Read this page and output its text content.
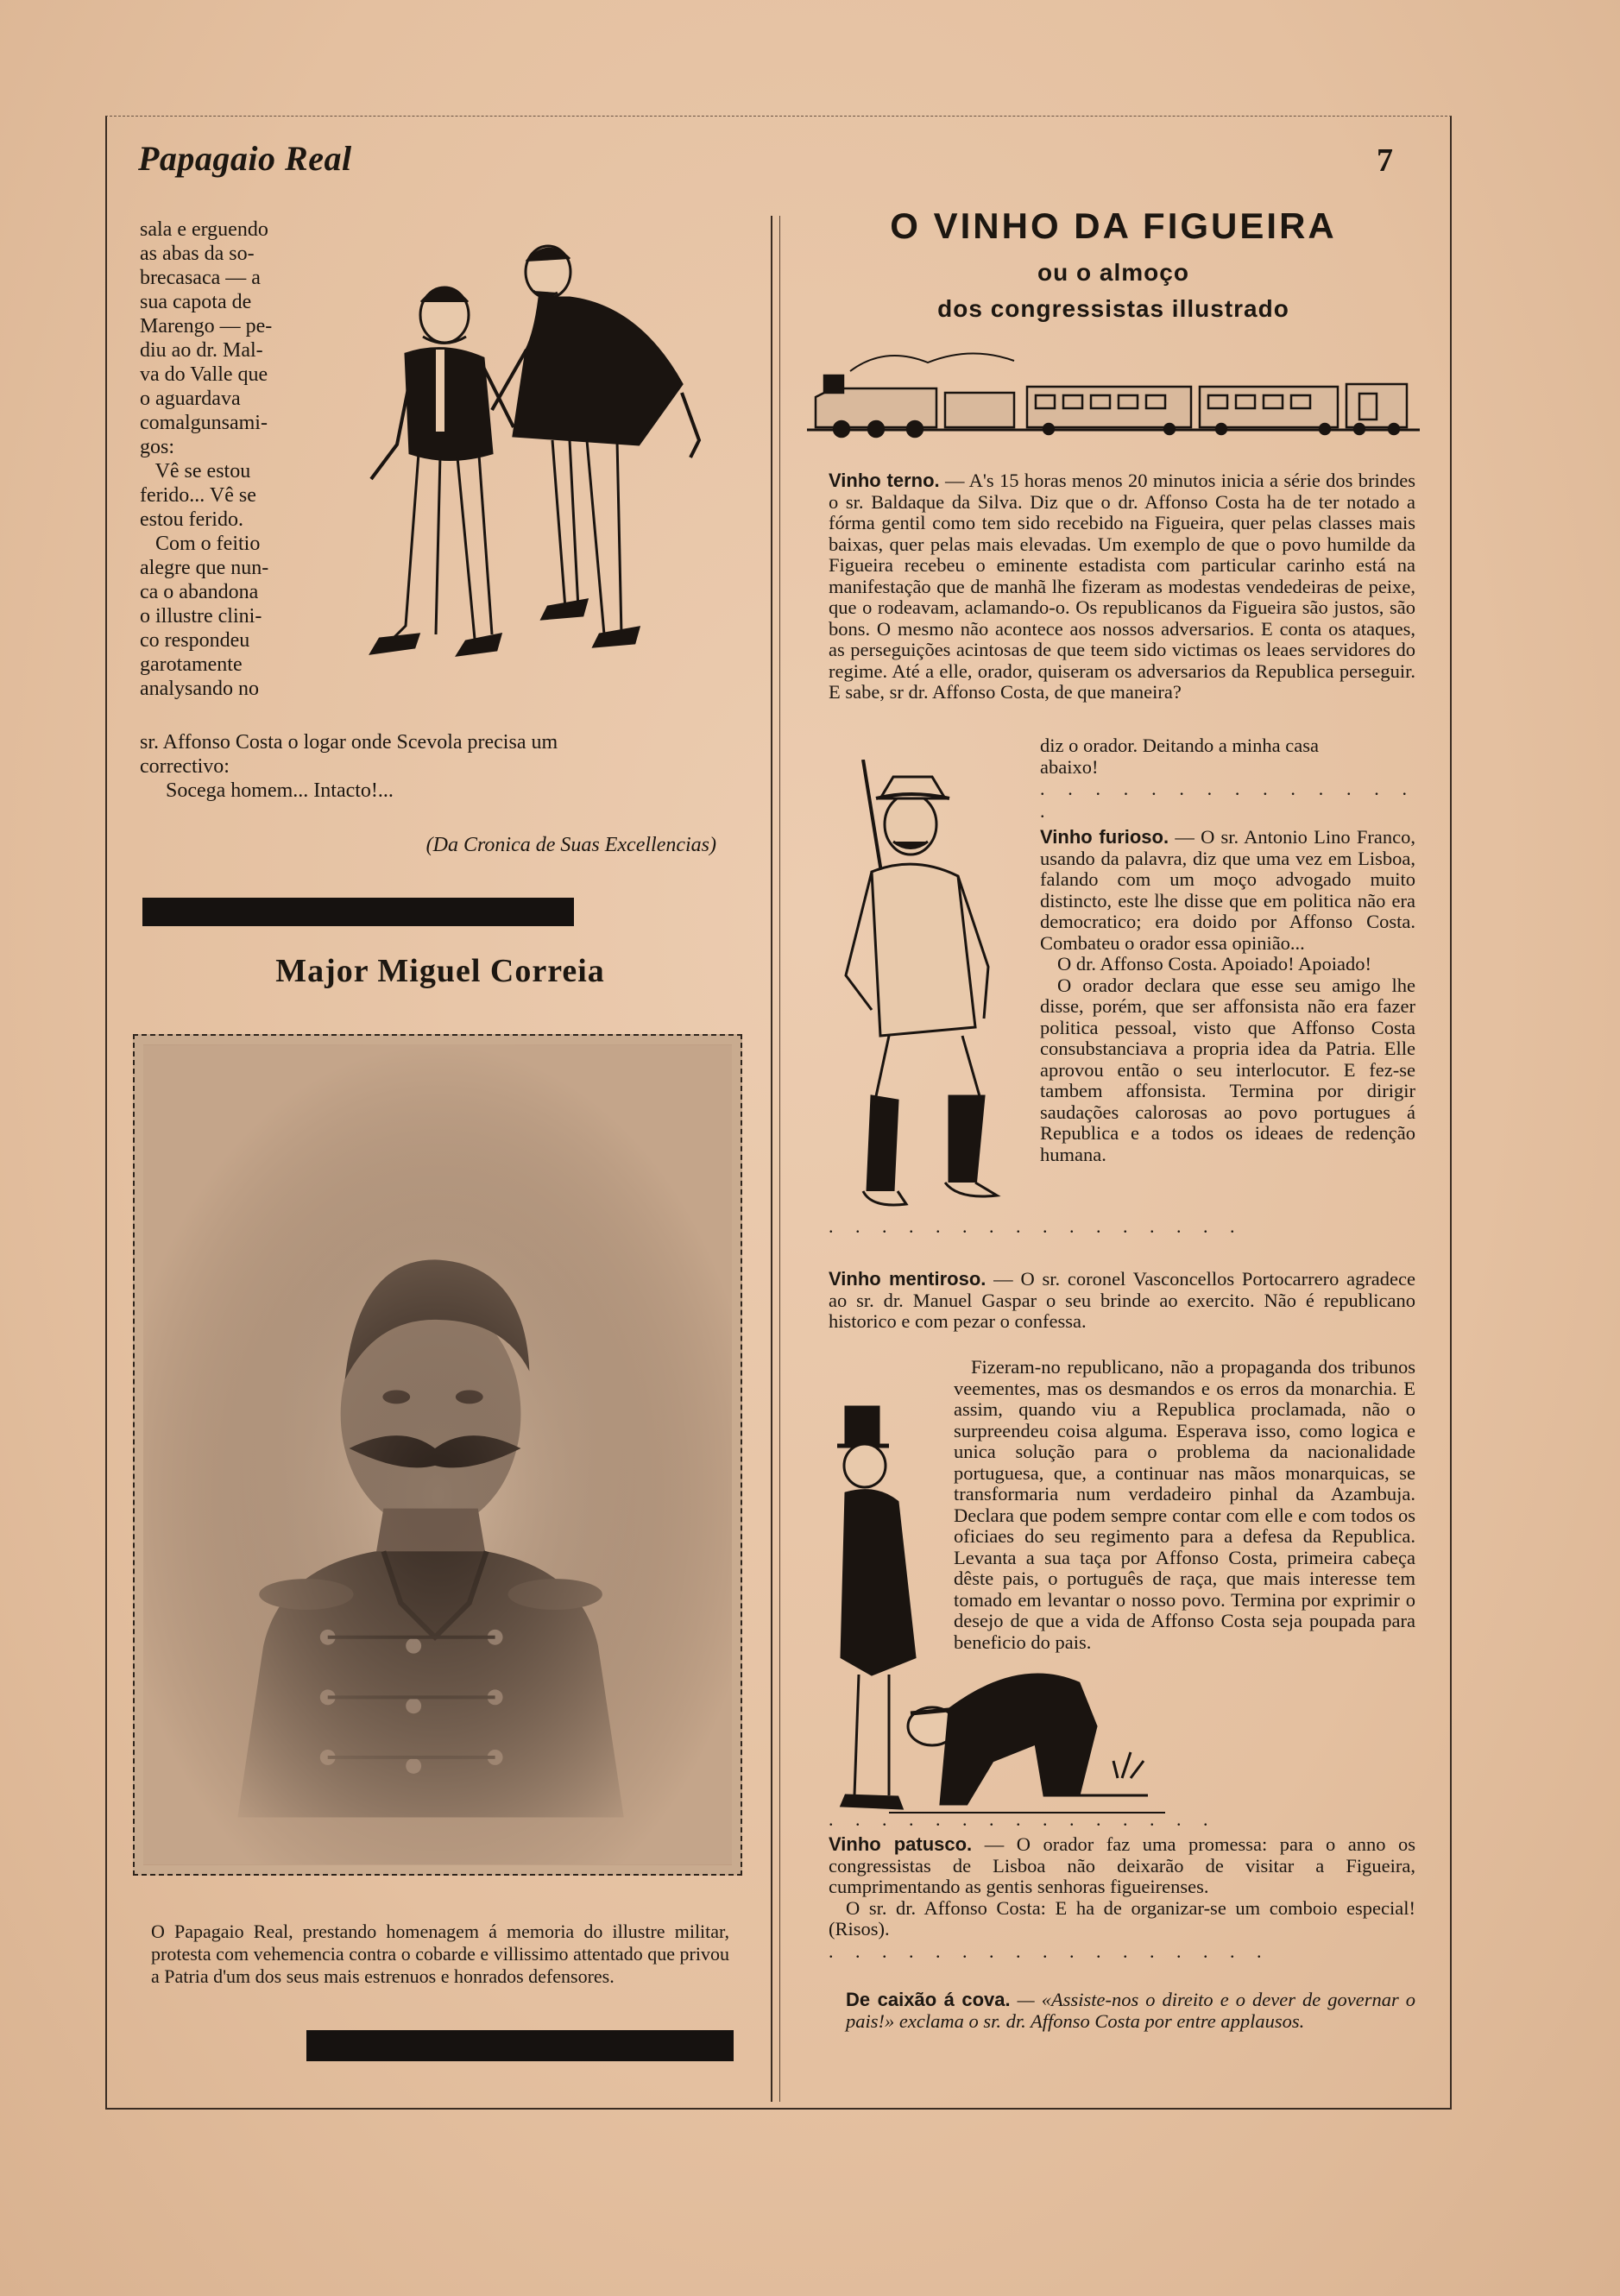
Papagaio Real	7
sala e erguendo
as abas da so-
brecasaca — a
sua capota de
Marengo — pe-
diu ao dr. Mal-
va do Valle que
o aguardava
comalgunsami-
gos:
Vê se estou
ferido... Vê se
estou ferido.
Com o feitio
alegre que nun-
ca o abandona
o illustre clini-
co respondeu
garotamente
analysando no
sr. Affonso Costa o logar onde Scevola precisa um
correctivo:
Socega homem... Intacto!...
(Da Cronica de Suas Excellencias)
Major Miguel Correia
O Papagaio Real, prestando homenagem á memoria do illustre militar, protesta com vehemencia contra o cobarde e villissimo attentado que privou a Patria d'um dos seus mais estrenuos e honrados defensores.
O VINHO DA FIGUEIRA
ou o almoço
dos congressistas illustrado
Vinho terno. — A's 15 horas menos 20 minutos inicia a série dos brindes o sr. Baldaque da Silva. Diz que o dr. Affonso Costa ha de ter notado a fórma gentil como tem sido recebido na Figueira, quer pelas classes mais baixas, quer pelas mais elevadas. Um exemplo de que o povo humilde da Figueira recebeu o eminente estadista com particular carinho está na manifestação que de manhã lhe fizeram as modestas vendedeiras de peixe, que o rodeavam, aclamando-o. Os republicanos da Figueira são justos, são bons. O mesmo não acontece aos nossos adversarios. E conta os ataques, as perseguições acintosas de que teem sido victimas os leaes servidores do regime. Até a elle, orador, quiseram os adversarios da Republica perseguir. E sabe, sr dr. Affonso Costa, de que maneira?
diz o orador. Deitando a minha casa
abaixo!
. . . . . . . . . . . . . . .
Vinho furioso. — O sr. Antonio Lino Franco, usando da palavra, diz que uma vez em Lisboa, falando com um moço advogado muito distincto, este lhe disse que em politica não era democratico; era doido por Affonso Costa. Combateu o orador essa opinião...
O dr. Affonso Costa. Apoiado! Apoiado!
O orador declara que esse seu amigo lhe disse, porém, que ser affonsista não era fazer politica pessoal, visto que Affonso Costa consubstanciava a propria idea da Patria. Elle aprovou então o seu interlocutor. E fez-se tambem affonsista. Termina por dirigir saudações calorosas ao povo portugues á Republica e a todos os ideaes de redenção humana.
. . . . . . . . . . . . . . . .
Vinho mentiroso. — O sr. coronel Vasconcellos Portocarrero agradece ao sr. dr. Manuel Gaspar o seu brinde ao exercito. Não é republicano historico e com pezar o confessa.
Fizeram-no republicano, não a propaganda dos tribunos veementes, mas os desmandos e os erros da monarchia. E assim, quando viu a Republica proclamada, não o surpreendeu coisa alguma. Esperava isso, como logica e unica solução para o problema da nacionalidade portuguesa, que, a continuar nas mãos monarquicas, se transformaria num verdadeiro pinhal da Azambuja. Declara que podem sempre contar com elle e com todos os oficiaes do seu regimento para a defesa da Republica. Levanta a sua taça por Affonso Costa, primeira cabeça dêste pais, o português de raça, que mais interesse tem tomado em levantar o nosso povo. Termina por exprimir o desejo de que a vida de Affonso Costa seja poupada para beneficio do pais.
. . . . . . . . . . . . . . .
Vinho patusco. — O orador faz uma promessa: para o anno os congressistas de Lisboa não deixarão de visitar a Figueira, cumprimentando as gentis senhoras figueirenses.
O sr. dr. Affonso Costa: E ha de organizar-se um comboio especial! (Risos).
. . . . . . . . . . . . . . . . .
De caixão á cova. — «Assiste-nos o direito e o dever de governar o pais!» exclama o sr. dr. Affonso Costa por entre applausos.
